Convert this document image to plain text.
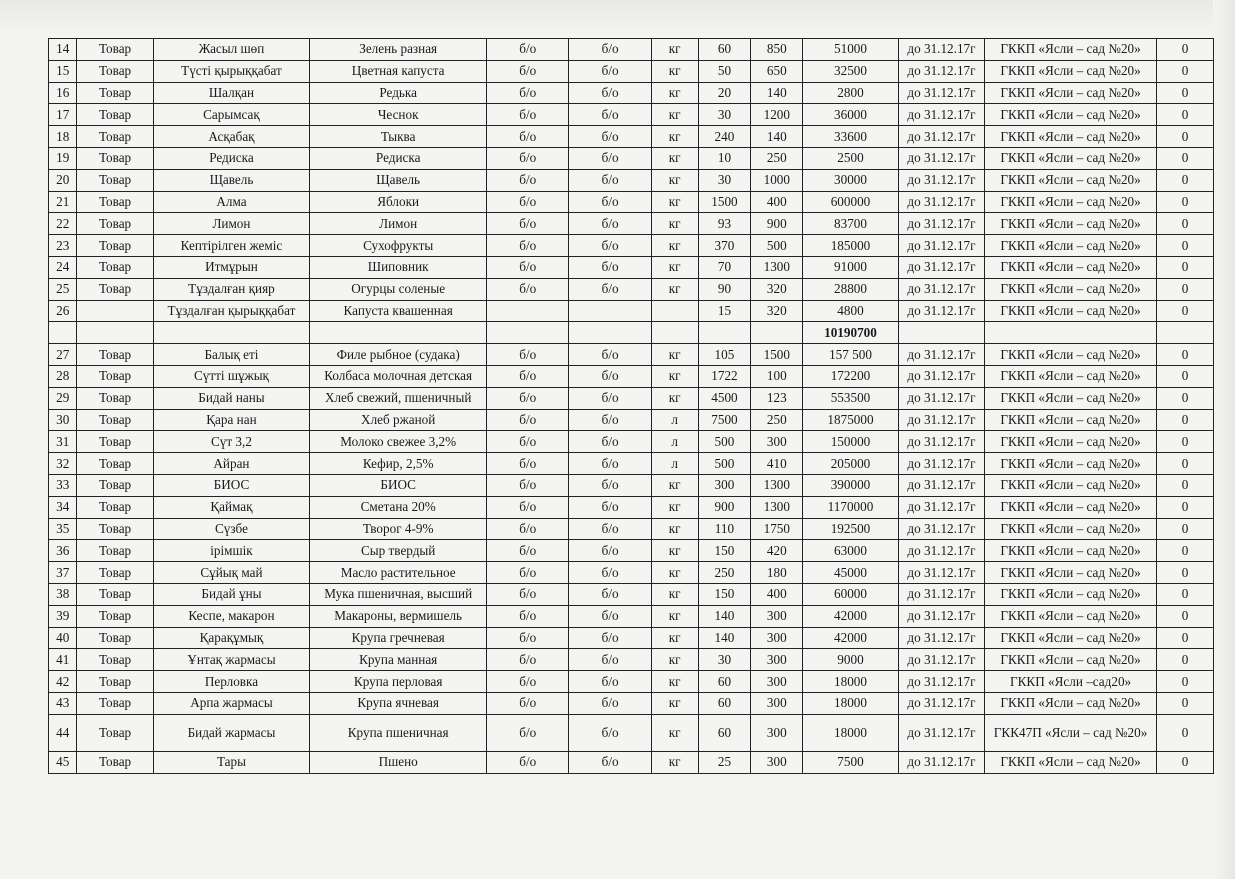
14	Товар	Жасыл шөп	Зелень разная	б/о	б/о	кг	60	850	51000	до 31.12.17г	ГККП «Ясли – сад №20»	0
15	Товар	Түсті қырыққабат	Цветная капуста	б/о	б/о	кг	50	650	32500	до 31.12.17г	ГККП «Ясли – сад №20»	0
16	Товар	Шалқан	Редька	б/о	б/о	кг	20	140	2800	до 31.12.17г	ГККП «Ясли – сад №20»	0
17	Товар	Сарымсақ	Чеснок	б/о	б/о	кг	30	1200	36000	до 31.12.17г	ГККП «Ясли – сад №20»	0
18	Товар	Асқабақ	Тыква	б/о	б/о	кг	240	140	33600	до 31.12.17г	ГККП «Ясли – сад №20»	0
19	Товар	Редиска	Редиска	б/о	б/о	кг	10	250	2500	до 31.12.17г	ГККП «Ясли – сад №20»	0
20	Товар	Щавель	Щавель	б/о	б/о	кг	30	1000	30000	до 31.12.17г	ГККП «Ясли – сад №20»	0
21	Товар	Алма	Яблоки	б/о	б/о	кг	1500	400	600000	до 31.12.17г	ГККП «Ясли – сад №20»	0
22	Товар	Лимон	Лимон	б/о	б/о	кг	93	900	83700	до 31.12.17г	ГККП «Ясли – сад №20»	0
23	Товар	Кептірілген жеміс	Сухофрукты	б/о	б/о	кг	370	500	185000	до 31.12.17г	ГККП «Ясли – сад №20»	0
24	Товар	Итмұрын	Шиповник	б/о	б/о	кг	70	1300	91000	до 31.12.17г	ГККП «Ясли – сад №20»	0
25	Товар	Тұздалған қияр	Огурцы соленые	б/о	б/о	кг	90	320	28800	до 31.12.17г	ГККП «Ясли – сад №20»	0
26		Тұздалған қырыққабат	Капуста квашенная				15	320	4800	до 31.12.17г	ГККП «Ясли – сад №20»	0
									10190700			
27	Товар	Балық еті	Филе рыбное (судака)	б/о	б/о	кг	105	1500	157 500	до 31.12.17г	ГККП «Ясли – сад №20»	0
28	Товар	Сүтті шұжық	Колбаса молочная детская	б/о	б/о	кг	1722	100	172200	до 31.12.17г	ГККП «Ясли – сад №20»	0
29	Товар	Бидай наны	Хлеб свежий, пшеничный	б/о	б/о	кг	4500	123	553500	до 31.12.17г	ГККП «Ясли – сад №20»	0
30	Товар	Қара нан	Хлеб ржаной	б/о	б/о	л	7500	250	1875000	до 31.12.17г	ГККП «Ясли – сад №20»	0
31	Товар	Сүт 3,2	Молоко свежее 3,2%	б/о	б/о	л	500	300	150000	до 31.12.17г	ГККП «Ясли – сад №20»	0
32	Товар	Айран	Кефир, 2,5%	б/о	б/о	л	500	410	205000	до 31.12.17г	ГККП «Ясли – сад №20»	0
33	Товар	БИОС	БИОС	б/о	б/о	кг	300	1300	390000	до 31.12.17г	ГККП «Ясли – сад №20»	0
34	Товар	Қаймақ	Сметана 20%	б/о	б/о	кг	900	1300	1170000	до 31.12.17г	ГККП «Ясли – сад №20»	0
35	Товар	Сүзбе	Творог 4-9%	б/о	б/о	кг	110	1750	192500	до 31.12.17г	ГККП «Ясли – сад №20»	0
36	Товар	ірімшік	Сыр твердый	б/о	б/о	кг	150	420	63000	до 31.12.17г	ГККП «Ясли – сад №20»	0
37	Товар	Сұйық май	Масло растительное	б/о	б/о	кг	250	180	45000	до 31.12.17г	ГККП «Ясли – сад №20»	0
38	Товар	Бидай ұны	Мука пшеничная, высший	б/о	б/о	кг	150	400	60000	до 31.12.17г	ГККП «Ясли – сад №20»	0
39	Товар	Кеспе, макарон	Макароны, вермишель	б/о	б/о	кг	140	300	42000	до 31.12.17г	ГККП «Ясли – сад №20»	0
40	Товар	Қарақұмық	Крупа гречневая	б/о	б/о	кг	140	300	42000	до 31.12.17г	ГККП «Ясли – сад №20»	0
41	Товар	Ұнтақ жармасы	Крупа манная	б/о	б/о	кг	30	300	9000	до 31.12.17г	ГККП «Ясли – сад №20»	0
42	Товар	Перловка	Крупа перловая	б/о	б/о	кг	60	300	18000	до 31.12.17г	ГККП «Ясли –сад20»	0
43	Товар	Арпа жармасы	Крупа ячневая	б/о	б/о	кг	60	300	18000	до 31.12.17г	ГККП «Ясли – сад №20»	0
44	Товар	Бидай жармасы	Крупа пшеничная	б/о	б/о	кг	60	300	18000	до 31.12.17г	ГКК47П «Ясли – сад №20»	0
45	Товар	Тары	Пшено	б/о	б/о	кг	25	300	7500	до 31.12.17г	ГККП «Ясли – сад №20»	0
